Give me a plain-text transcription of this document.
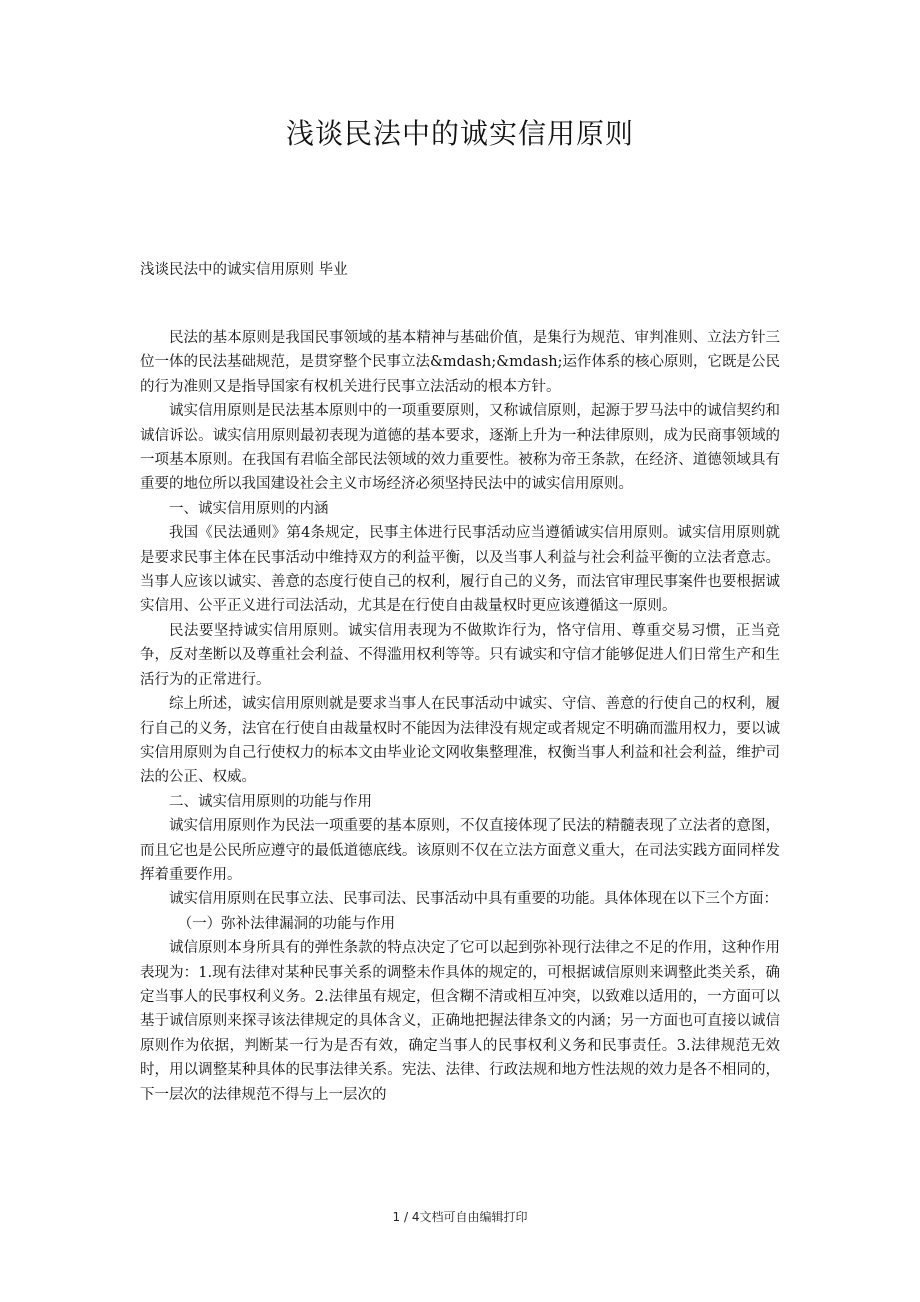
浅谈民法中的诚实信用原则

浅谈民法中的诚实信用原则 毕业

民法的基本原则是我国民事领域的基本精神与基础价值，是集行为规范、审判准则、立法方针三位一体的民法基础规范，是贯穿整个民事立法&mdash;&mdash;运作体系的核心原则，它既是公民的行为准则又是指导国家有权机关进行民事立法活动的根本方针。

诚实信用原则是民法基本原则中的一项重要原则，又称诚信原则，起源于罗马法中的诚信契约和诚信诉讼。诚实信用原则最初表现为道德的基本要求，逐渐上升为一种法律原则，成为民商事领域的一项基本原则。在我国有君临全部民法领域的效力重要性。被称为帝王条款，在经济、道德领域具有重要的地位所以我国建设社会主义市场经济必须坚持民法中的诚实信用原则。

一、诚实信用原则的内涵

我国《民法通则》第4条规定，民事主体进行民事活动应当遵循诚实信用原则。诚实信用原则就是要求民事主体在民事活动中维持双方的利益平衡，以及当事人利益与社会利益平衡的立法者意志。当事人应该以诚实、善意的态度行使自己的权利，履行自己的义务，而法官审理民事案件也要根据诚实信用、公平正义进行司法活动，尤其是在行使自由裁量权时更应该遵循这一原则。

民法要坚持诚实信用原则。诚实信用表现为不做欺诈行为，恪守信用、尊重交易习惯，正当竞争，反对垄断以及尊重社会利益、不得滥用权利等等。只有诚实和守信才能够促进人们日常生产和生活行为的正常进行。

综上所述，诚实信用原则就是要求当事人在民事活动中诚实、守信、善意的行使自己的权利，履行自己的义务，法官在行使自由裁量权时不能因为法律没有规定或者规定不明确而滥用权力，要以诚实信用原则为自己行使权力的标本文由毕业论文网收集整理准，权衡当事人利益和社会利益，维护司法的公正、权威。

二、诚实信用原则的功能与作用

诚实信用原则作为民法一项重要的基本原则，不仅直接体现了民法的精髓表现了立法者的意图，而且它也是公民所应遵守的最低道德底线。该原则不仅在立法方面意义重大，在司法实践方面同样发挥着重要作用。

诚实信用原则在民事立法、民事司法、民事活动中具有重要的功能。具体体现在以下三个方面：

（一）弥补法律漏洞的功能与作用

诚信原则本身所具有的弹性条款的特点决定了它可以起到弥补现行法律之不足的作用，这种作用表现为：1.现有法律对某种民事关系的调整未作具体的规定的，可根据诚信原则来调整此类关系，确定当事人的民事权利义务。2.法律虽有规定，但含糊不清或相互冲突，以致难以适用的，一方面可以基于诚信原则来探寻该法律规定的具体含义，正确地把握法律条文的内涵；另一方面也可直接以诚信原则作为依据，判断某一行为是否有效，确定当事人的民事权利义务和民事责任。3.法律规范无效时，用以调整某种具体的民事法律关系。宪法、法律、行政法规和地方性法规的效力是各不相同的，下一层次的法律规范不得与上一层次的

1 / 4文档可自由编辑打印
